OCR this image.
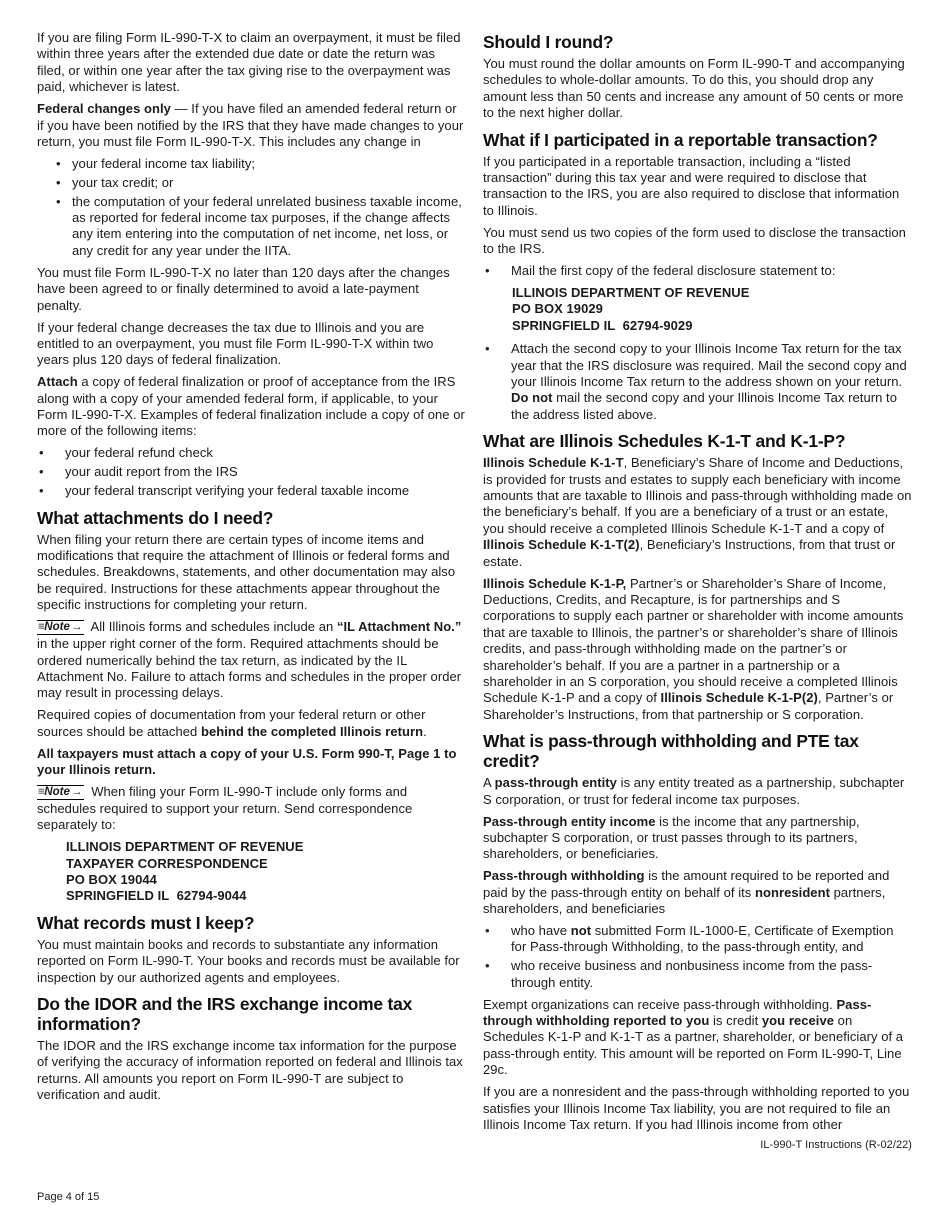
If you are filing Form IL-990-T-X to claim an overpayment, it must be filed within three years after the extended due date or date the return was filed, or within one year after the tax giving rise to the overpayment was paid, whichever is latest.

Federal changes only — If you have filed an amended federal return or if you have been notified by the IRS that they have made changes to your return, you must file Form IL-990-T-X. This includes any change in

• your federal income tax liability;
• your tax credit; or
• the computation of your federal unrelated business taxable income, as reported for federal income tax purposes, if the change affects any item entering into the computation of net income, net loss, or any credit for any year under the IITA.

You must file Form IL-990-T-X no later than 120 days after the changes have been agreed to or finally determined to avoid a late-payment penalty.

If your federal change decreases the tax due to Illinois and you are entitled to an overpayment, you must file Form IL-990-T-X within two years plus 120 days of federal finalization.

Attach a copy of federal finalization or proof of acceptance from the IRS along with a copy of your amended federal form, if applicable, to your Form IL-990-T-X. Examples of federal finalization include a copy of one or more of the following items:

• your federal refund check
• your audit report from the IRS
• your federal transcript verifying your federal taxable income
What attachments do I need?

When filing your return there are certain types of income items and modifications that require the attachment of Illinois or federal forms and schedules. Breakdowns, statements, and other documentation may also be required. Instructions for these attachments appear throughout the specific instructions for completing your return.

≡Note→ All Illinois forms and schedules include an “IL Attachment No.” in the upper right corner of the form. Required attachments should be ordered numerically behind the tax return, as indicated by the IL Attachment No. Failure to attach forms and schedules in the proper order may result in processing delays.

Required copies of documentation from your federal return or other sources should be attached behind the completed Illinois return.

All taxpayers must attach a copy of your U.S. Form 990-T, Page 1 to your Illinois return.

≡Note→ When filing your Form IL-990-T include only forms and schedules required to support your return. Send correspondence separately to:

ILLINOIS DEPARTMENT OF REVENUE
TAXPAYER CORRESPONDENCE
PO BOX 19044
SPRINGFIELD IL  62794-9044
What records must I keep?

You must maintain books and records to substantiate any information reported on Form IL-990-T. Your books and records must be available for inspection by our authorized agents and employees.

Do the IDOR and the IRS exchange income tax information?

The IDOR and the IRS exchange income tax information for the purpose of verifying the accuracy of information reported on federal and Illinois tax returns. All amounts you report on Form IL-990-T are subject to verification and audit.

Should I round?

You must round the dollar amounts on Form IL-990-T and accompanying schedules to whole-dollar amounts. To do this, you should drop any amount less than 50 cents and increase any amount of 50 cents or more to the next higher dollar.

What if I participated in a reportable transaction?

If you participated in a reportable transaction, including a “listed transaction” during this tax year and were required to disclose that transaction to the IRS, you are also required to disclose that information to Illinois.

You must send us two copies of the form used to disclose the transaction to the IRS.

• Mail the first copy of the federal disclosure statement to:
ILLINOIS DEPARTMENT OF REVENUE
PO BOX 19029
SPRINGFIELD IL  62794-9029
• Attach the second copy to your Illinois Income Tax return for the tax year that the IRS disclosure was required. Mail the second copy and your Illinois Income Tax return to the address shown on your return. Do not mail the second copy and your Illinois Income Tax return to the address listed above.
What are Illinois Schedules K-1-T and K-1-P?

Illinois Schedule K-1-T, Beneficiary’s Share of Income and Deductions, is provided for trusts and estates to supply each beneficiary with income amounts that are taxable to Illinois and pass-through withholding made on the beneficiary’s behalf. If you are a beneficiary of a trust or an estate, you should receive a completed Illinois Schedule K-1-T and a copy of Illinois Schedule K-1-T(2), Beneficiary’s Instructions, from that trust or estate.

Illinois Schedule K-1-P, Partner’s or Shareholder’s Share of Income, Deductions, Credits, and Recapture, is for partnerships and S corporations to supply each partner or shareholder with income amounts that are taxable to Illinois, the partner’s or shareholder’s share of Illinois credits, and pass-through withholding made on the partner’s or shareholder’s behalf. If you are a partner in a partnership or a shareholder in an S corporation, you should receive a completed Illinois Schedule K-1-P and a copy of Illinois Schedule K-1-P(2), Partner’s or Shareholder’s Instructions, from that partnership or S corporation.

What is pass-through withholding and PTE tax credit?

A pass-through entity is any entity treated as a partnership, subchapter S corporation, or trust for federal income tax purposes.

Pass-through entity income is the income that any partnership, subchapter S corporation, or trust passes through to its partners, shareholders, or beneficiaries.

Pass-through withholding is the amount required to be reported and paid by the pass-through entity on behalf of its nonresident partners, shareholders, and beneficiaries

• who have not submitted Form IL-1000-E, Certificate of Exemption for Pass-through Withholding, to the pass-through entity, and
• who receive business and nonbusiness income from the pass-through entity.

Exempt organizations can receive pass-through withholding. Pass-through withholding reported to you is credit you receive on Schedules K-1-P and K-1-T as a partner, shareholder, or beneficiary of a pass-through entity. This amount will be reported on Form IL-990-T, Line 29c.

If you are a nonresident and the pass-through withholding reported to you satisfies your Illinois Income Tax liability, you are not required to file an Illinois Income Tax return. If you had Illinois income from other

IL-990-T Instructions (R-02/22)
Page 4 of 15
